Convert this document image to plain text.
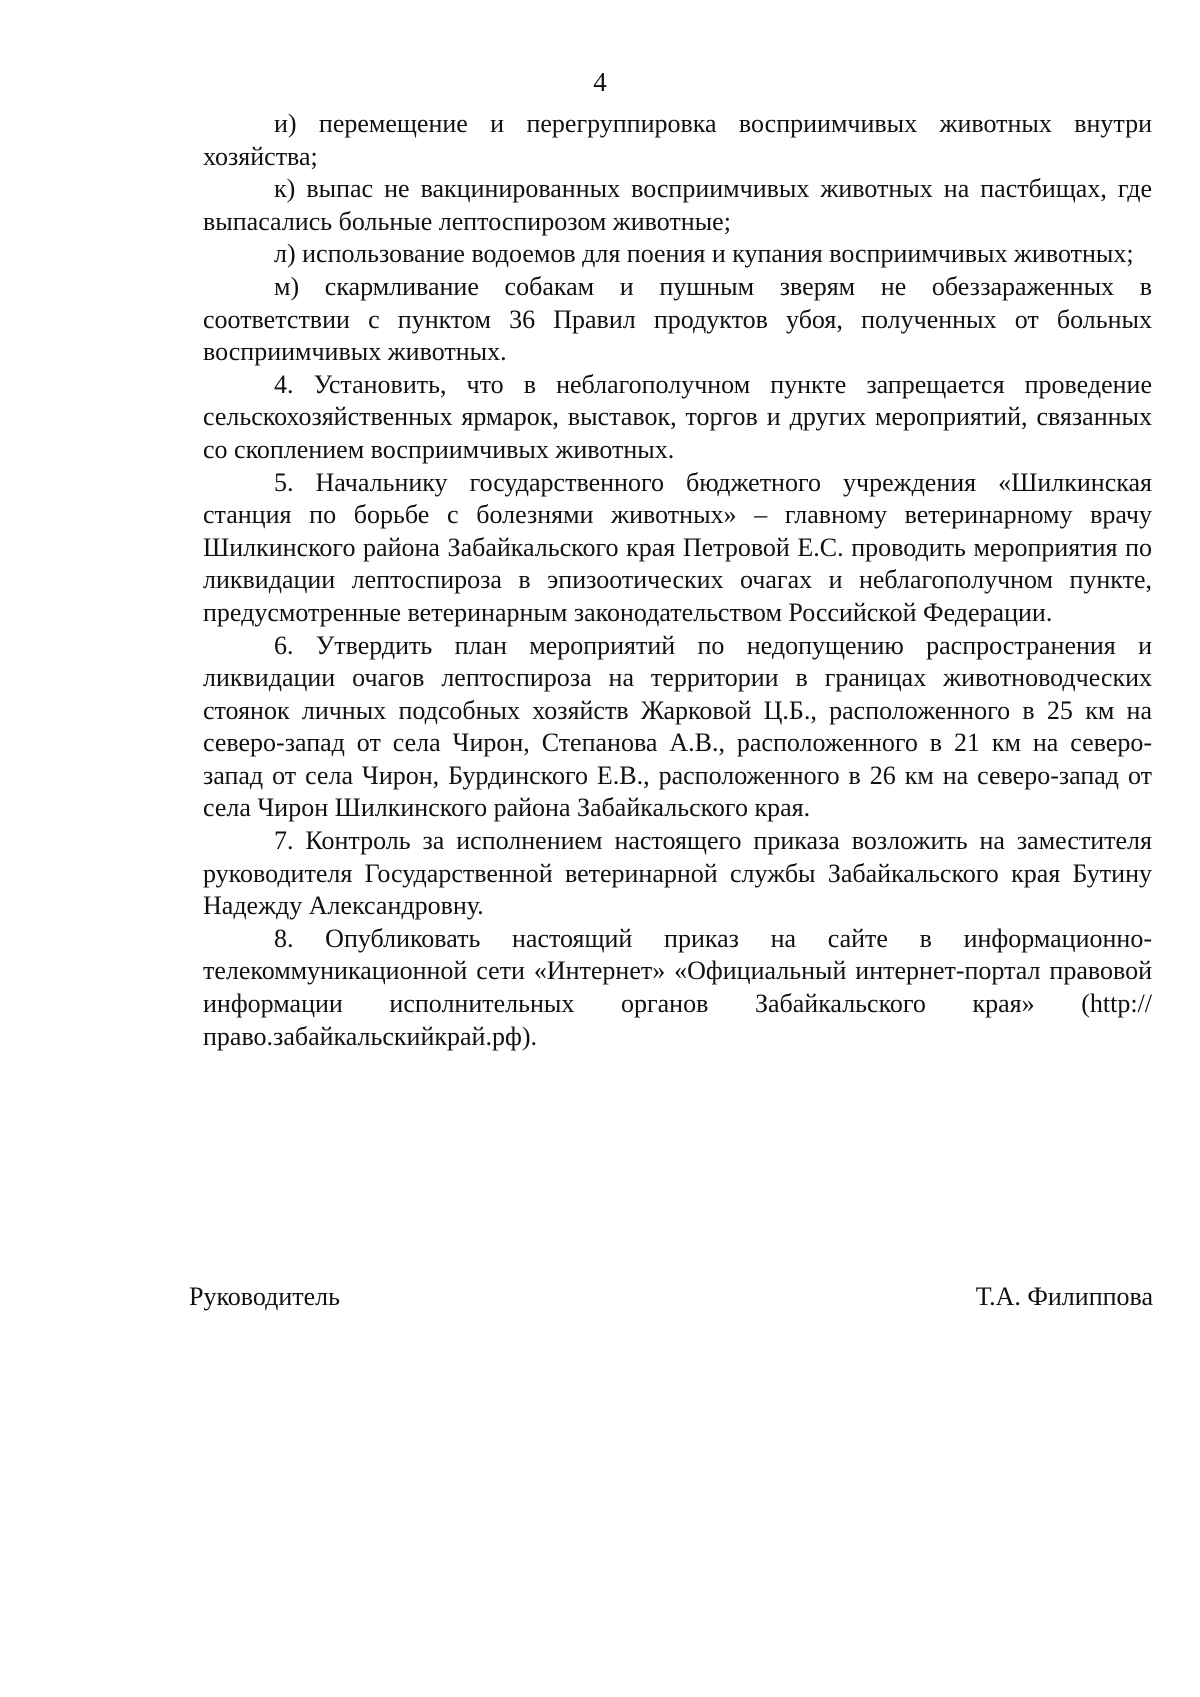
4

и) перемещение и перегруппировка восприимчивых животных внутри хозяйства;

к) выпас не вакцинированных восприимчивых животных на пастбищах, где выпасались больные лептоспирозом животные;

л) использование водоемов для поения и купания восприимчивых животных;

м) скармливание собакам и пушным зверям не обеззараженных в соответствии с пунктом 36 Правил продуктов убоя, полученных от больных восприимчивых животных.

4. Установить, что в неблагополучном пункте запрещается проведение сельскохозяйственных ярмарок, выставок, торгов и других мероприятий, связанных со скоплением восприимчивых животных.

5. Начальнику государственного бюджетного учреждения «Шилкинская станция по борьбе с болезнями животных» – главному ветеринарному врачу Шилкинского района Забайкальского края Петровой Е.С. проводить мероприятия по ликвидации лептоспироза в эпизоотических очагах и неблагополучном пункте, предусмотренные ветеринарным законодательством Российской Федерации.

6. Утвердить план мероприятий по недопущению распространения и ликвидации очагов лептоспироза на территории в границах животноводческих стоянок личных подсобных хозяйств Жарковой Ц.Б., расположенного в 25 км на северо-запад от села Чирон, Степанова А.В., расположенного в 21 км на северо-запад от села Чирон, Бурдинского Е.В., расположенного в 26 км на северо-запад от села Чирон Шилкинского района Забайкальского края.

7. Контроль за исполнением настоящего приказа возложить на заместителя руководителя Государственной ветеринарной службы Забайкальского края Бутину Надежду Александровну.

8. Опубликовать настоящий приказ на сайте в информационно-телекоммуникационной сети «Интернет» «Официальный интернет-портал правовой информации исполнительных органов Забайкальского края» (http://право.забайкальскийкрай.рф).

Руководитель	Т.А. Филиппова
